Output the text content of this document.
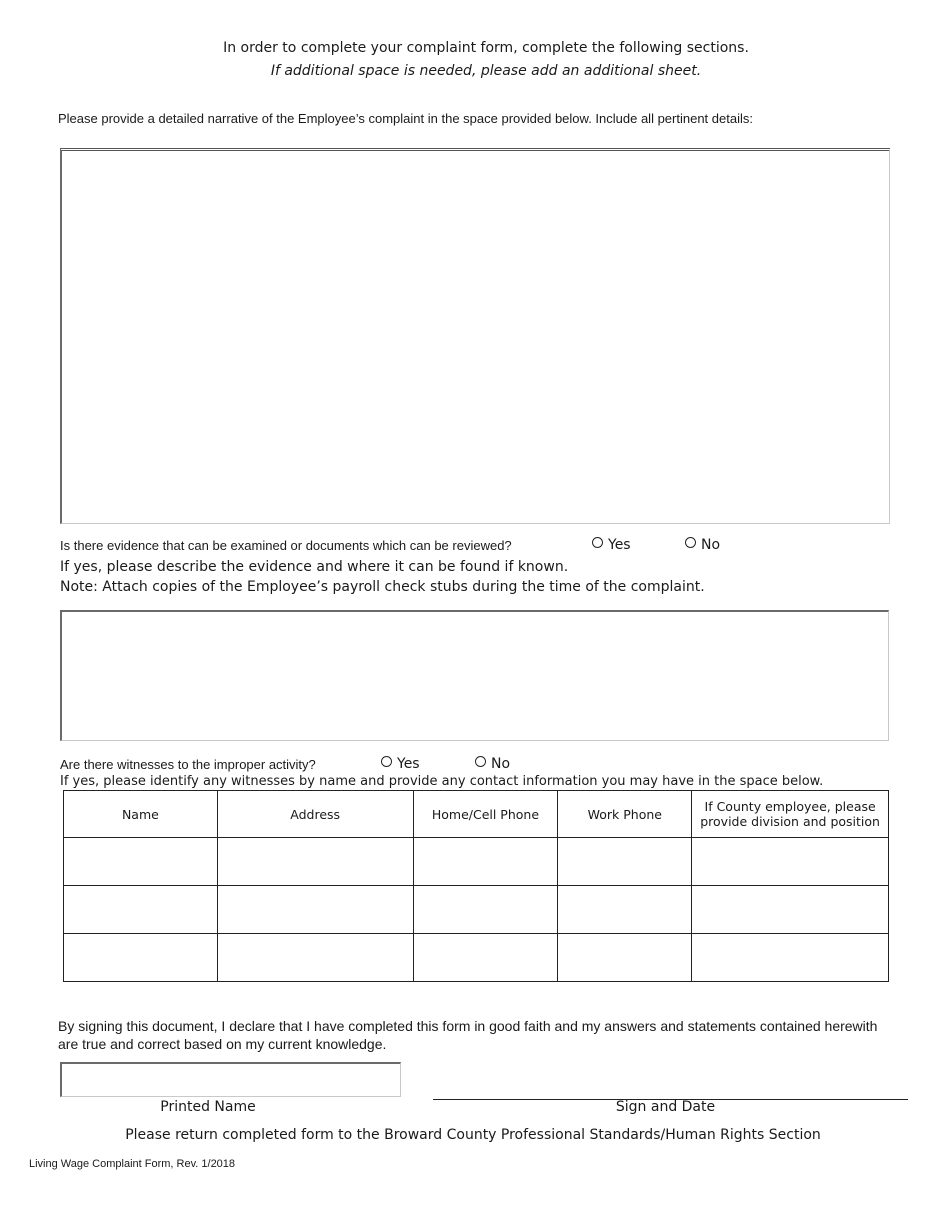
In order to complete your complaint form, complete the following sections.
If additional space is needed, please add an additional sheet.
Please provide a detailed narrative of the Employee’s complaint in the space provided below. Include all pertinent details:
Is there evidence that can be examined or documents which can be reviewed?	Yes	No
If yes, please describe the evidence and where it can be found if known.
Note: Attach copies of the Employee’s payroll check stubs during the time of the complaint.
Are there witnesses to the improper activity?	Yes	No
If yes, please identify any witnesses by name and provide any contact information you may have in the space below.
Name	Address	Home/Cell Phone	Work Phone	If County employee, please provide division and position

By signing this document, I declare that I have completed this form in good faith and my answers and statements contained herewith are true and correct based on my current knowledge.
Printed Name	Sign and Date
Please return completed form to the Broward County Professional Standards/Human Rights Section
Living Wage Complaint Form, Rev. 1/2018
